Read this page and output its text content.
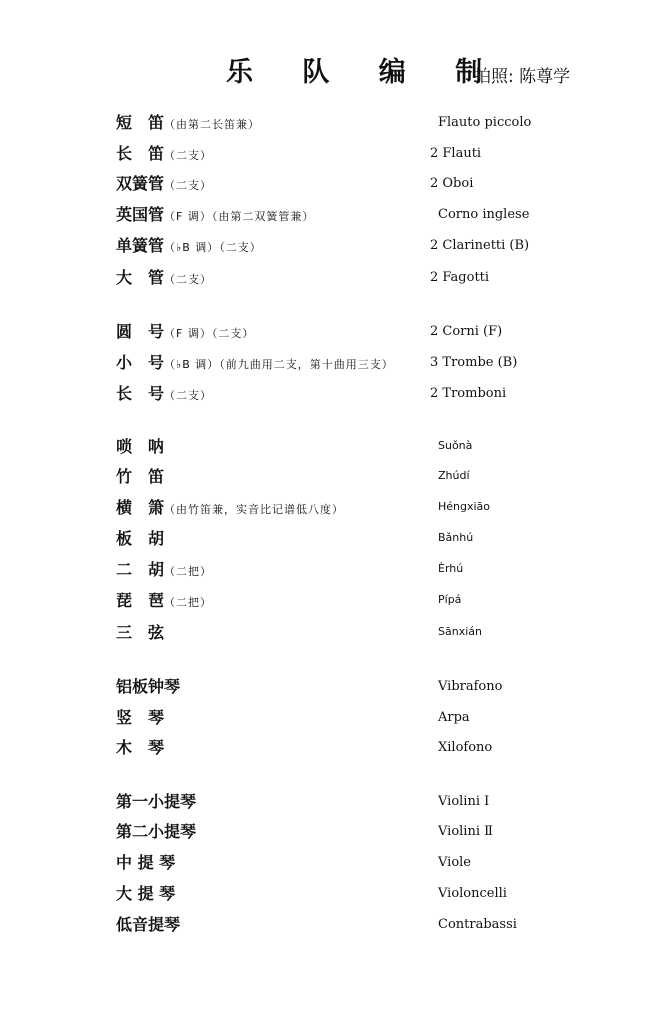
乐 队 编 制
拍照: 陈尊学
短　笛（由第二长笛兼）	Flauto piccolo
长　笛（二支）	2 Flauti
双簧管（二支）	2 Oboi
英国管（F 调）（由第二双簧管兼）	Corno inglese
单簧管（♭B 调）（二支）	2 Clarinetti (B)
大　管（二支）	2 Fagotti
圆　号（F 调）（二支）	2 Corni (F)
小　号（♭B 调）（前九曲用二支，第十曲用三支）	3 Trombe (B)
长　号（二支）	2 Tromboni
唢　呐	Suǒnà
竹　笛	Zhúdí
横　箫（由竹笛兼，实音比记谱低八度）	Héngxiāo
板　胡	Bǎnhú
二　胡（二把）	Èrhú
琵　琶（二把）	Pípá
三　弦	Sānxián
铝板钟琴	Vibrafono
竖　琴	Arpa
木　琴	Xilofono
第一小提琴	Violini Ⅰ
第二小提琴	Violini Ⅱ
中 提 琴	Viole
大 提 琴	Violoncelli
低音提琴	Contrabassi
